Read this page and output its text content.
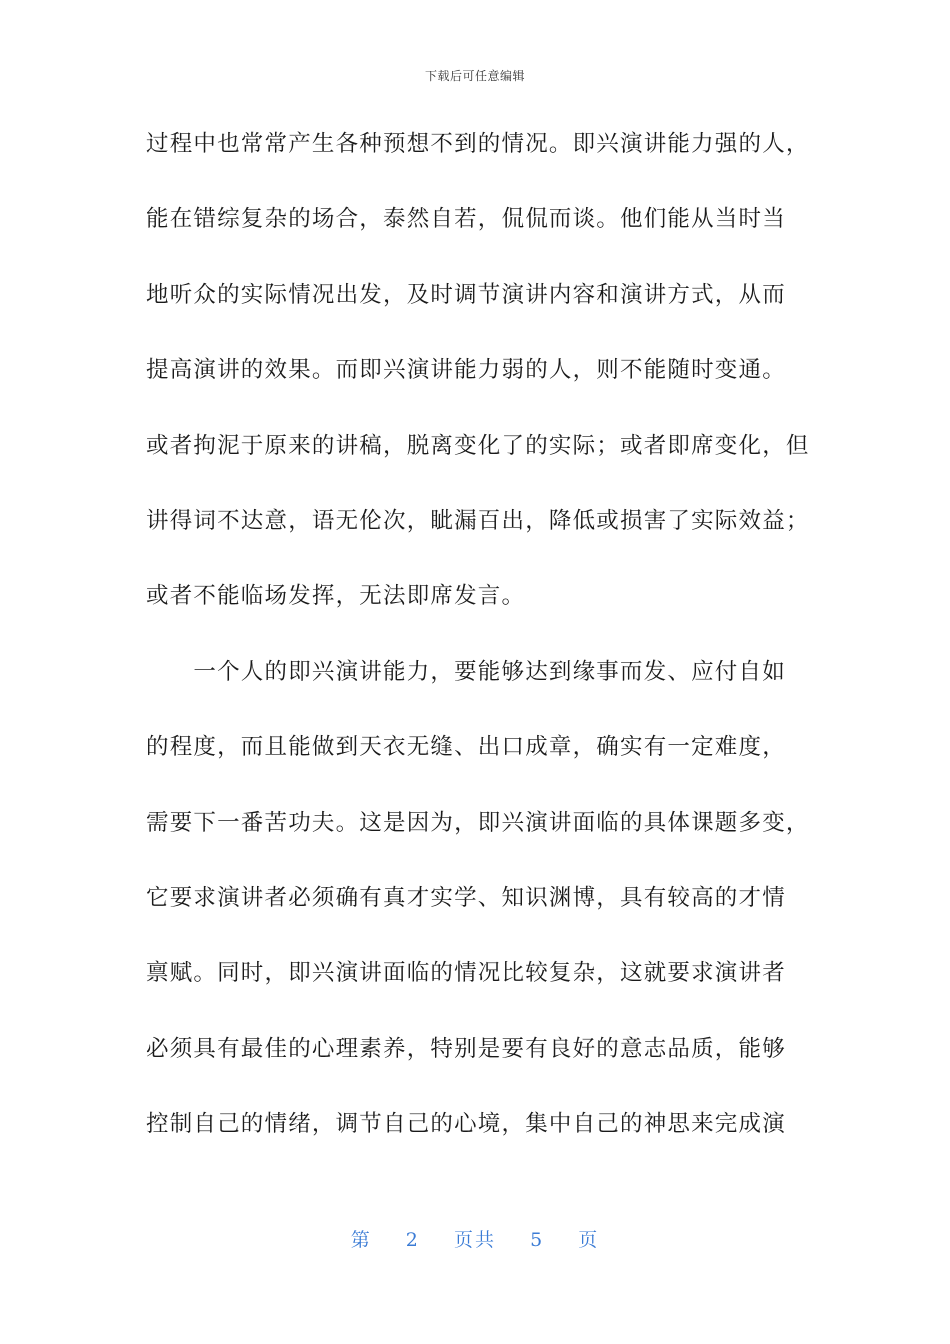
下载后可任意编辑
过程中也常常产生各种预想不到的情况。即兴演讲能力强的人，
能在错综复杂的场合，泰然自若，侃侃而谈。他们能从当时当
地听众的实际情况出发，及时调节演讲内容和演讲方式，从而
提高演讲的效果。而即兴演讲能力弱的人，则不能随时变通。
或者拘泥于原来的讲稿，脱离变化了的实际；或者即席变化，但
讲得词不达意，语无伦次，眦漏百出，降低或损害了实际效益；
或者不能临场发挥，无法即席发言。
　　一个人的即兴演讲能力，要能够达到缘事而发、应付自如
的程度，而且能做到天衣无缝、出口成章，确实有一定难度，
需要下一番苦功夫。这是因为，即兴演讲面临的具体课题多变，
它要求演讲者必须确有真才实学、知识渊博，具有较高的才情
禀赋。同时，即兴演讲面临的情况比较复杂，这就要求演讲者
必须具有最佳的心理素养，特别是要有良好的意志品质，能够
控制自己的情绪，调节自己的心境，集中自己的神思来完成演
第 2 页共 5 页
